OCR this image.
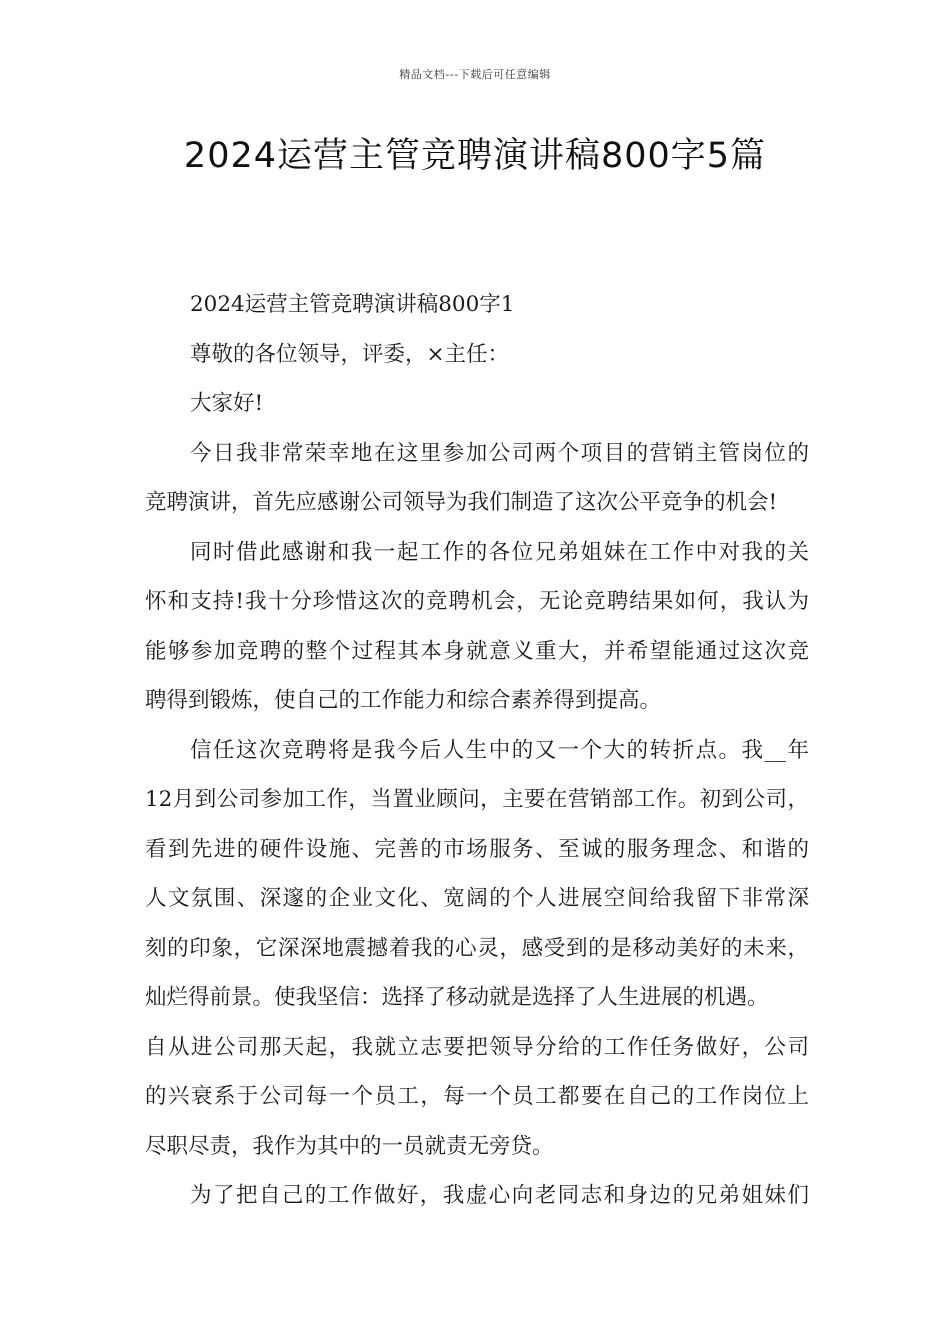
精品文档---下载后可任意编辑
2024运营主管竞聘演讲稿800字5篇

2024运营主管竞聘演讲稿800字1

尊敬的各位领导，评委，×主任：

大家好!

今日我非常荣幸地在这里参加公司两个项目的营销主管岗位的
竞聘演讲，首先应感谢公司领导为我们制造了这次公平竞争的机会!

同时借此感谢和我一起工作的各位兄弟姐妹在工作中对我的关
怀和支持!我十分珍惜这次的竞聘机会，无论竞聘结果如何，我认为
能够参加竞聘的整个过程其本身就意义重大，并希望能通过这次竞
聘得到锻炼，使自己的工作能力和综合素养得到提高。

信任这次竞聘将是我今后人生中的又一个大的转折点。我__年
12月到公司参加工作，当置业顾问，主要在营销部工作。初到公司，
看到先进的硬件设施、完善的市场服务、至诚的服务理念、和谐的
人文氛围、深邃的企业文化、宽阔的个人进展空间给我留下非常深
刻的印象，它深深地震撼着我的心灵，感受到的是移动美好的未来，
灿烂得前景。使我坚信：选择了移动就是选择了人生进展的机遇。
自从进公司那天起，我就立志要把领导分给的工作任务做好，公司
的兴衰系于公司每一个员工，每一个员工都要在自己的工作岗位上
尽职尽责，我作为其中的一员就责无旁贷。

为了把自己的工作做好，我虚心向老同志和身边的兄弟姐妹们
